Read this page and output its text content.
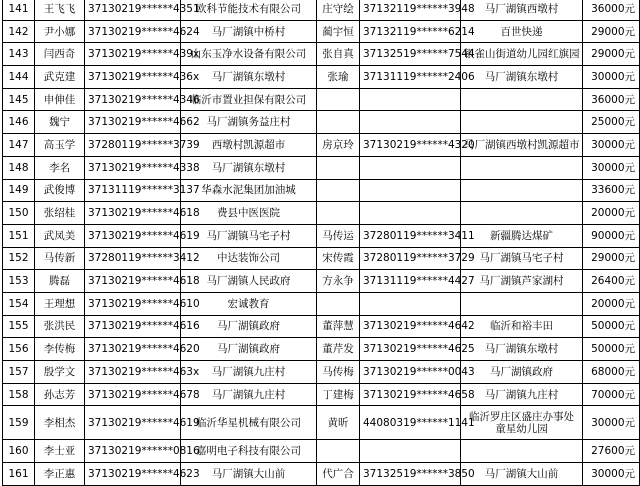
141	王飞飞	37130219******4351	欧科节能技术有限公司	庄守绘	37132119******3948	马厂湖镇西墩村	36000元
142	尹小娜	37130219******4624	马厂湖镇中桥村	蔺宇恒	37132119******6214	百世快递	29000元
143	闫西奇	37130219******439x	山东玉净水设备有限公司	张自真	37132519******7544	银雀山街道幼儿园红旗园	29000元
144	武克建	37130219******436x	马厂湖镇东墩村	张瑜	37131119******2406	马厂湖镇东墩村	30000元
145	申伸佳	37130219******4346	临沂市置业担保有限公司				36000元
146	魏宁	37130219******4662	马厂湖镇务益庄村				25000元
147	高玉学	37280119******3739	西墩村凯源超市	房京玲	37130219******4320	马厂湖镇西墩村凯源超市	30000元
148	李名	37130219******4338	马厂湖镇东墩村				30000元
149	武俊博	37131119******3137	华森水泥集团加油城				33600元
150	张绍桂	37130219******4618	费县中医医院				20000元
151	武凤美	37130219******4619	马厂湖镇马宅子村	马传运	37280119******3411	新疆腾达煤矿	90000元
152	马传新	37280119******3412	中达装饰公司	宋传霞	37280119******3729	马厂湖镇马宅子村	29000元
153	腾磊	37130219******4618	马厂湖镇人民政府	方永争	37131119******4427	马厂湖镇芦家湖村	26400元
154	王理想	37130219******4610	宏诚教育				20000元
155	张洪民	37130219******4616	马厂湖镇政府	董萍慧	37130219******4642	临沂和裕丰田	50000元
156	李传梅	37130219******4620	马厂湖镇政府	董芹发	37130219******4625	马厂湖镇东墩村	50000元
157	殷学文	37130219******463x	马厂湖镇九庄村	马传梅	37130219******0043	马厂湖镇政府	68000元
158	孙志芳	37130219******4678	马厂湖镇九庄村	丁建梅	37130219******4658	马厂湖镇九庄村	70000元
159	李相杰	37130219******4619	临沂华星机械有限公司	黄昕	44080319******1141	临沂罗庄区盛庄办事处童星幼儿园	30000元
160	李士亚	37130219******0816	嘉明电子科技有限公司				27600元
161	李正惠	37130219******4623	马厂湖镇大山前	代广合	37132519******3850	马厂湖镇大山前	30000元
